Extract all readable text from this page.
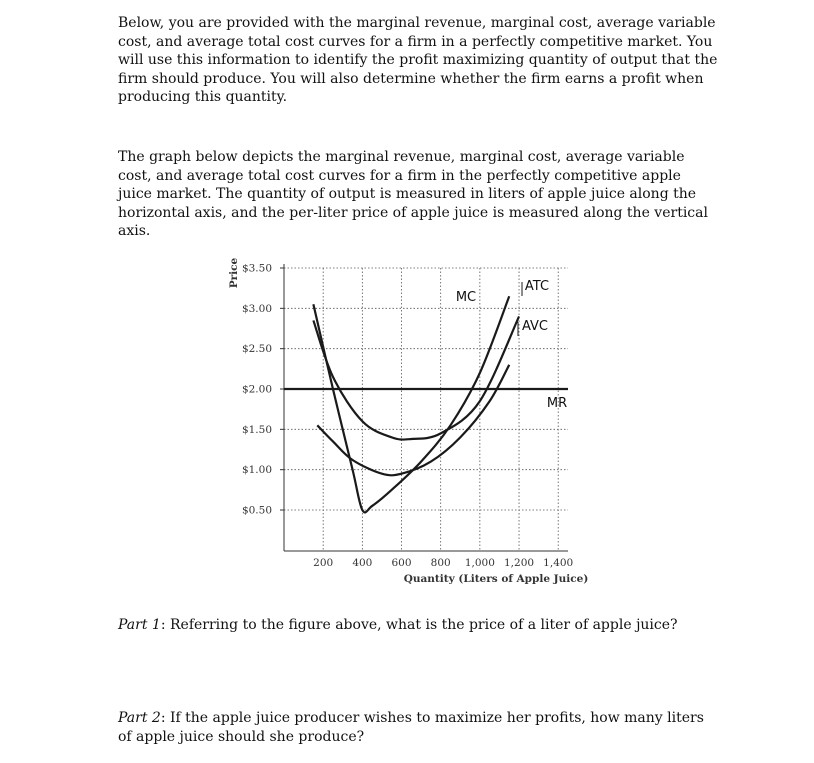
Below, you are provided with the marginal revenue, marginal cost, average variable cost, and average total cost curves for a firm in a perfectly competitive market. You will use this information to identify the profit maximizing quantity of output that the firm should produce. You will also determine whether the firm earns a profit when producing this quantity.

The graph below depicts the marginal revenue, marginal cost, average variable cost, and average total cost curves for a firm in the perfectly competitive apple juice market. The quantity of output is measured in liters of apple juice along the horizontal axis, and the per-liter price of apple juice is measured along the vertical axis.

$3.50
$3.00
$2.50
$2.00
$1.50
$1.00
$0.50
200 400 600 800 1,000 1,200 1,400
Quantity (Liters of Apple Juice)
Price
MC
ATC
AVC
MR

Part 1: Referring to the figure above, what is the price of a liter of apple juice?

Part 2: If the apple juice producer wishes to maximize her profits, how many liters of apple juice should she produce?
